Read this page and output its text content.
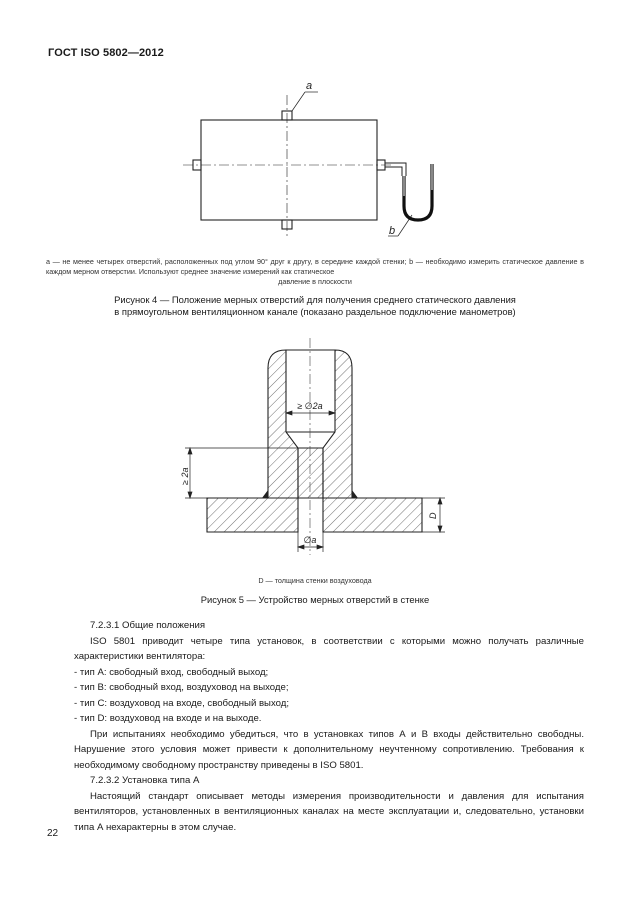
ГОСТ ISO 5802—2012
a
b
a — не менее четырех отверстий, расположенных под углом 90° друг к другу, в середине каждой стенки; b — необходимо измерить статическое давление в каждом мерном отверстии. Используют среднее значение измерений как статическое
давление в плоскости
Рисунок 4 — Положение мерных отверстий для получения среднего статического давления
в прямоугольном вентиляционном канале (показано раздельное подключение манометров)
≥ ∅2a
≥ 2a
D
∅a
D — толщина стенки воздуховода
Рисунок 5 — Устройство мерных отверстий в стенке

7.2.3.1 Общие положения

ISO 5801 приводит четыре типа установок, в соответствии с которыми можно получать различные характеристики вентилятора:

- тип А: свободный вход, свободный выход;

- тип В: свободный вход, воздуховод на выходе;

- тип С: воздуховод на входе, свободный выход;

- тип D: воздуховод на входе и на выходе.

При испытаниях необходимо убедиться, что в установках типов А и В входы действительно свободны. Нарушение этого условия может привести к дополнительному неучтенному сопротивлению. Требования к необходимому свободному пространству приведены в ISO 5801.

7.2.3.2 Установка типа А

Настоящий стандарт описывает методы измерения производительности и давления для испытания вентиляторов, установленных в вентиляционных каналах на месте эксплуатации и, следовательно, установки типа А нехарактерны в этом случае.

22
